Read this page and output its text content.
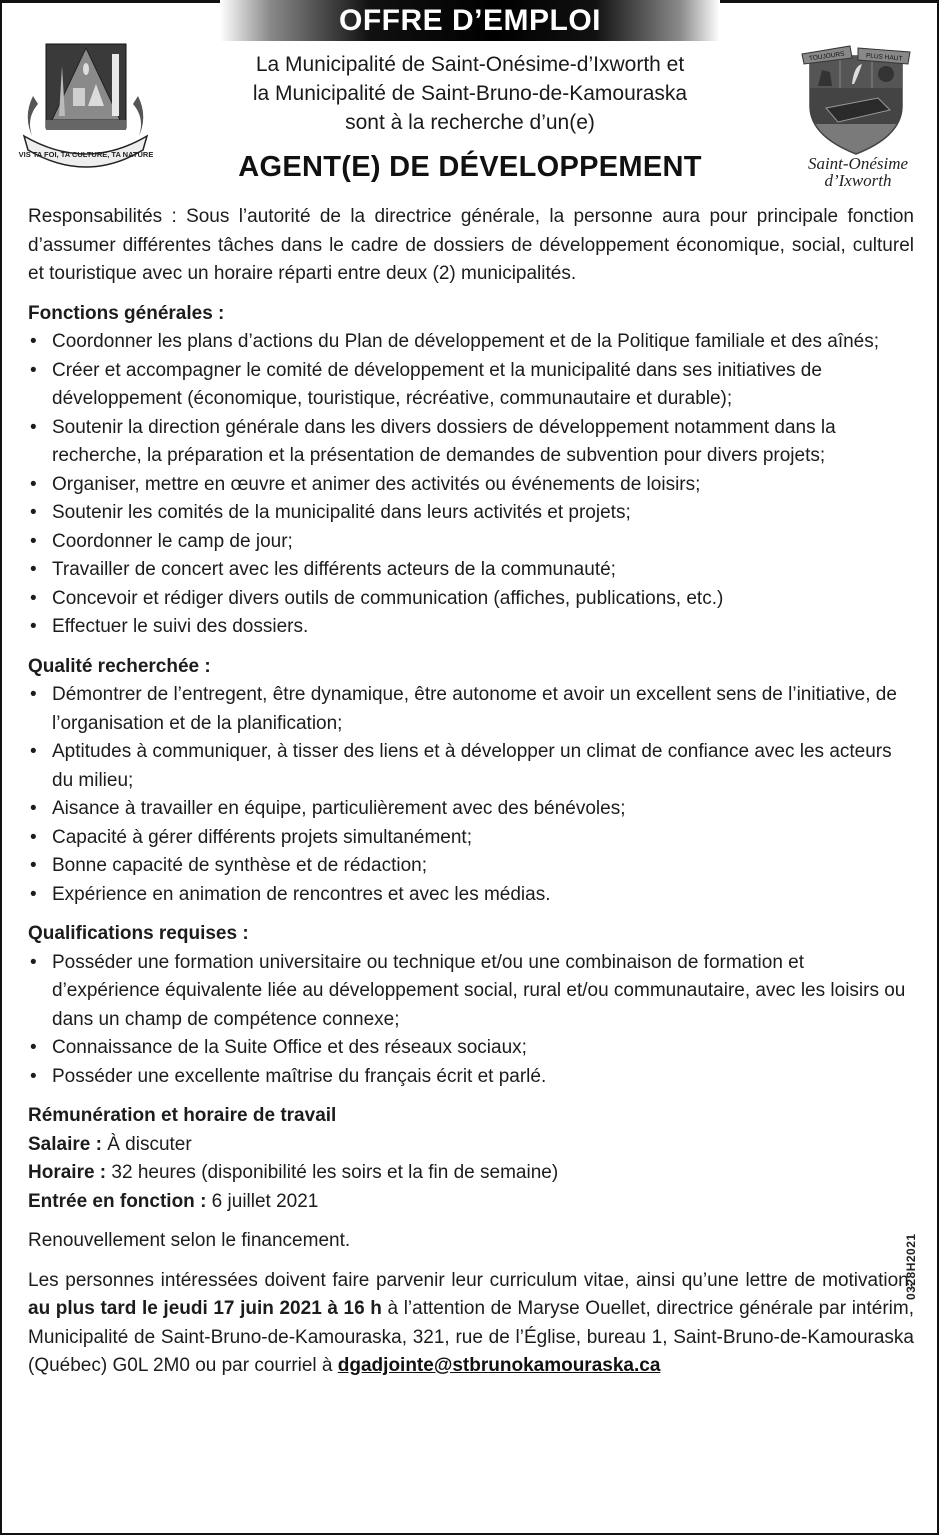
OFFRE D’EMPLOI
VIS TA FOI, TA CULTURE, TA NATURE
TOUJOURS	PLUS HAUT
Saint-Onésime
d’Ixworth
La Municipalité de Saint-Onésime-d’Ixworth et
la Municipalité de Saint-Bruno-de-Kamouraska
sont à la recherche d’un(e)
AGENT(E) DE DÉVELOPPEMENT

Responsabilités : Sous l’autorité de la directrice générale, la personne aura pour principale fonction d’assumer différentes tâches dans le cadre de dossiers de développement économique, social, culturel et touristique avec un horaire réparti entre deux (2) municipalités.

Fonctions générales :

• Coordonner les plans d’actions du Plan de développement et de la Politique familiale et des aînés;
• Créer et accompagner le comité de développement et la municipalité dans ses initiatives de développement (économique, touristique, récréative, communautaire et durable);
• Soutenir la direction générale dans les divers dossiers de développement notamment dans la recherche, la préparation et la présentation de demandes de subvention pour divers projets;
• Organiser, mettre en œuvre et animer des activités ou événements de loisirs;
• Soutenir les comités de la municipalité dans leurs activités et projets;
• Coordonner le camp de jour;
• Travailler de concert avec les différents acteurs de la communauté;
• Concevoir et rédiger divers outils de communication (affiches, publications, etc.)
• Effectuer le suivi des dossiers.

Qualité recherchée :

• Démontrer de l’entregent, être dynamique, être autonome et avoir un excellent sens de l’initiative, de l’organisation et de la planification;
• Aptitudes à communiquer, à tisser des liens et à développer un climat de confiance avec les acteurs du milieu;
• Aisance à travailler en équipe, particulièrement avec des bénévoles;
• Capacité à gérer différents projets simultanément;
• Bonne capacité de synthèse et de rédaction;
• Expérience en animation de rencontres et avec les médias.

Qualifications requises :

• Posséder une formation universitaire ou technique et/ou une combinaison de formation et d’expérience équivalente liée au développement social, rural et/ou communautaire, avec les loisirs ou dans un champ de compétence connexe;
• Connaissance de la Suite Office et des réseaux sociaux;
• Posséder une excellente maîtrise du français écrit et parlé.

Rémunération et horaire de travail

Salaire : À discuter

Horaire : 32 heures (disponibilité les soirs et la fin de semaine)

Entrée en fonction : 6 juillet 2021

Renouvellement selon le financement.

Les personnes intéressées doivent faire parvenir leur curriculum vitae, ainsi qu’une lettre de motivation, au plus tard le jeudi 17 juin 2021 à 16 h à l’attention de Maryse Ouellet, directrice générale par intérim, Municipalité de Saint-Bruno-de-Kamouraska, 321, rue de l’Église, bureau 1, Saint-Bruno-de-Kamouraska (Québec) G0L 2M0 ou par courriel à dgadjointe@stbrunokamouraska.ca

0328H2021
